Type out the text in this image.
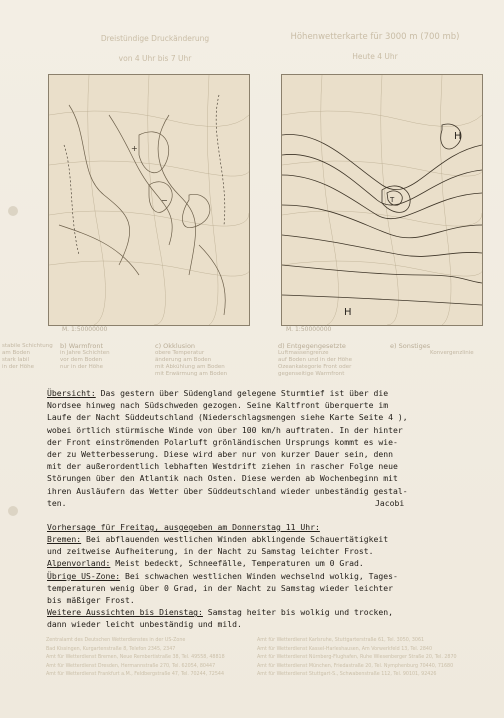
Dreistündige Druckänderung
von 4 Uhr bis 7 Uhr
Höhenwetterkarte für 3000 m (700 mb)
Heute 4 Uhr
+
−
H
H
T
M. 1:50000000	M. 1:50000000
stabile Schichtung
am Boden
stark labil
in der Höhe
b) Warmfront
in Jahre Schichten
vor dem Boden
nur in der Höhe
c) Okklusion
obere Temperatur
änderung am Boden
mit Abkühlung am Boden
mit Erwärmung am Boden
d) Entgegengesetzte
Luftmassengrenze
auf Boden und in der Höhe
Ozeankategorie Front oder
gegenseitige Warmfront
e) Sonstiges
Konvergenzlinie
Übersicht: Das gestern über Südengland gelegene Sturmtief ist über die
Nordsee hinweg nach Südschweden gezogen. Seine Kaltfront überquerte im
Laufe der Nacht Süddeutschland (Niederschlagsmengen siehe Karte Seite 4 ),
wobei örtlich stürmische Winde von über 100 km/h auftraten. In der hinter
der Front einströmenden Polarluft grönländischen Ursprungs kommt es wie-
der zu Wetterbesserung. Diese wird aber nur von kurzer Dauer sein, denn
mit der außerordentlich lebhaften Westdrift ziehen in rascher Folge neue
Störungen über den Atlantik nach Osten. Diese werden ab Wochenbeginn mit
ihren Ausläufern das Wetter über Süddeutschland wieder unbeständig gestal-
ten.	Jacobi
Vorhersage für Freitag, ausgegeben am Donnerstag 11 Uhr:
Bremen: Bei abflauenden westlichen Winden abklingende Schauertätigkeit
und zeitweise Aufheiterung, in der Nacht zu Samstag leichter Frost.
Alpenvorland: Meist bedeckt, Schneefälle, Temperaturen um 0 Grad.
Übrige US-Zone: Bei schwachen westlichen Winden wechselnd wolkig, Tages-
temperaturen wenig über 0 Grad, in der Nacht zu Samstag wieder leichter
bis mäßiger Frost.
Weitere Aussichten bis Dienstag: Samstag heiter bis wolkig und trocken,
dann wieder leicht unbeständig und mild.
Zentralamt des Deutschen Wetterdienstes in der US-Zone
Bad Kissingen, Kurgartenstraße 8, Telefon 2345, 2347
Amt für Wetterdienst Bremen, Neue Rembertistraße 38, Tel. 49558, 48818
Amt für Wetterdienst Dresden, Hermannstraße 270, Tel. 62054, 80447
Amt für Wetterdienst Frankfurt a.M., Feldbergstraße 47, Tel. 70244, 72544
Amt für Wetterdienst Karlsruhe, Stuttgarterstraße 61, Tel. 3050, 3061
Amt für Wetterdienst Kassel-Harleshausen, Am Vorwerkfeld 13, Tel. 2840
Amt für Wetterdienst Nürnberg-Flughafen, Ruhe Wiesenberger Straße 20, Tel. 2870
Amt für Wetterdienst München, Friedastraße 20, Tel. Nymphenburg 70440, 71680
Amt für Wetterdienst Stuttgart-S., Schwabenstraße 112, Tel. 90101, 92426
